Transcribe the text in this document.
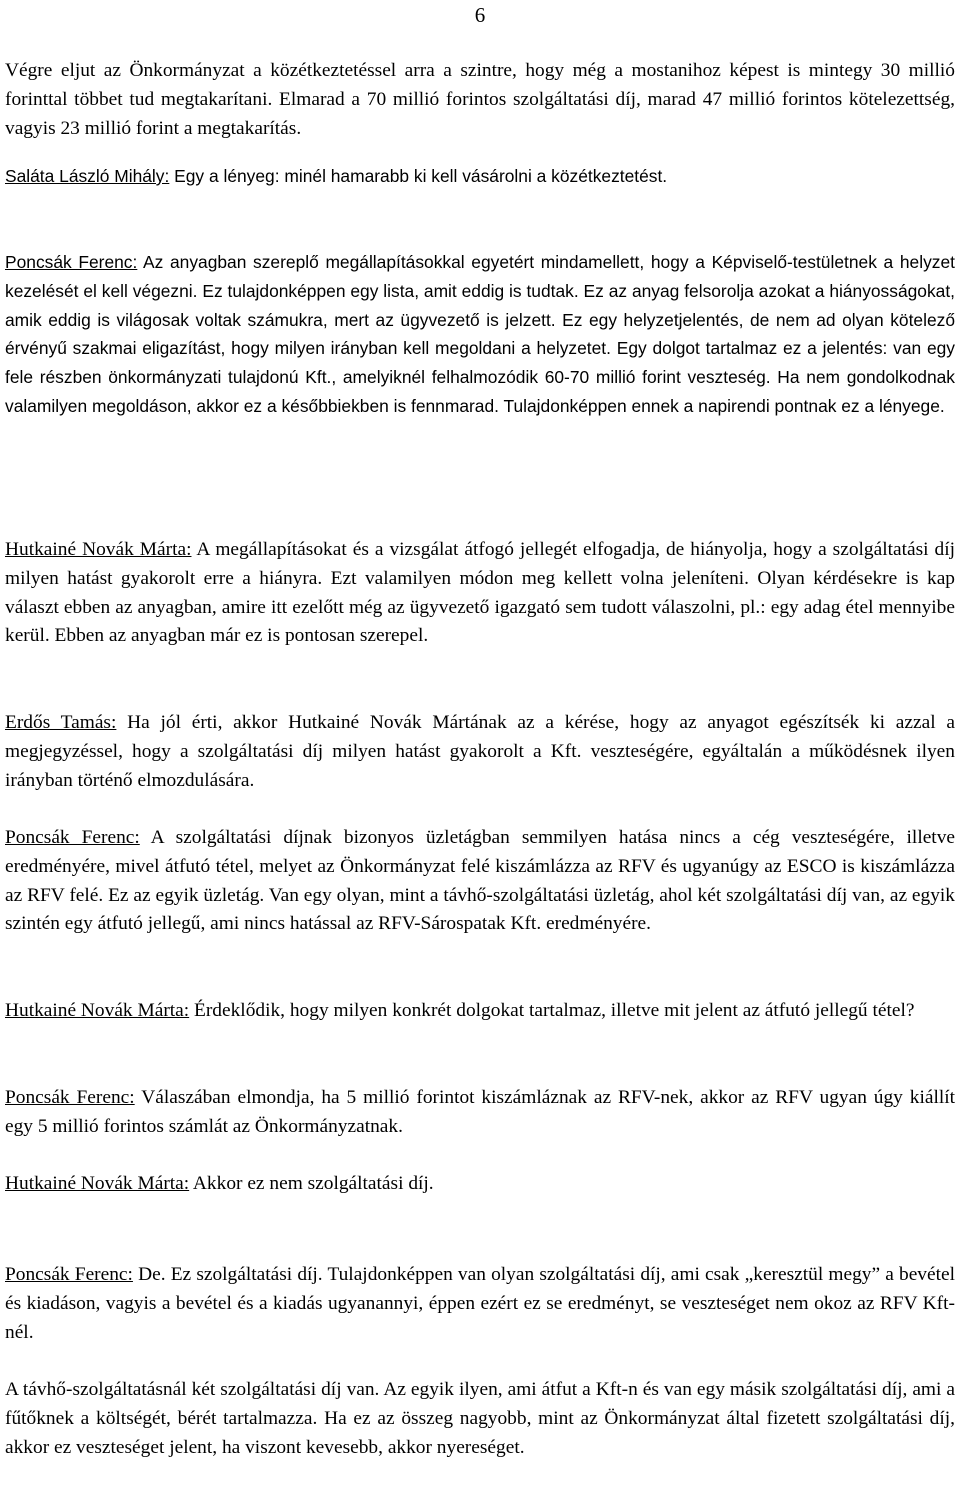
6

Végre eljut az Önkormányzat a közétkeztetéssel arra a szintre, hogy még a mostanihoz képest is mintegy 30 millió forinttal többet tud megtakarítani. Elmarad a 70 millió forintos szolgáltatási díj, marad 47 millió forintos kötelezettség, vagyis 23 millió forint a megtakarítás.

Saláta László Mihály: Egy a lényeg: minél hamarabb ki kell vásárolni a közétkeztetést.

Poncsák Ferenc: Az anyagban szereplő megállapításokkal egyetért mindamellett, hogy a Képviselő-testületnek a helyzet kezelését el kell végezni. Ez tulajdonképpen egy lista, amit eddig is tudtak. Ez az anyag felsorolja azokat a hiányosságokat, amik eddig is világosak voltak számukra, mert az ügyvezető is jelzett. Ez egy helyzetjelentés, de nem ad olyan kötelező érvényű szakmai eligazítást, hogy milyen irányban kell megoldani a helyzetet. Egy dolgot tartalmaz ez a jelentés: van egy fele részben önkormányzati tulajdonú Kft., amelyiknél felhalmozódik 60-70 millió forint veszteség. Ha nem gondolkodnak valamilyen megoldáson, akkor ez a későbbiekben is fennmarad. Tulajdonképpen ennek a napirendi pontnak ez a lényege.

Hutkainé Novák Márta: A megállapításokat és a vizsgálat átfogó jellegét elfogadja, de hiányolja, hogy a szolgáltatási díj milyen hatást gyakorolt erre a hiányra. Ezt valamilyen módon meg kellett volna jeleníteni. Olyan kérdésekre is kap választ ebben az anyagban, amire itt ezelőtt még az ügyvezető igazgató sem tudott válaszolni, pl.: egy adag étel mennyibe kerül. Ebben az anyagban már ez is pontosan szerepel.

Erdős Tamás: Ha jól érti, akkor Hutkainé Novák Mártának az a kérése, hogy az anyagot egészítsék ki azzal a megjegyzéssel, hogy a szolgáltatási díj milyen hatást gyakorolt a Kft. veszteségére, egyáltalán a működésnek ilyen irányban történő elmozdulására.

Poncsák Ferenc: A szolgáltatási díjnak bizonyos üzletágban semmilyen hatása nincs a cég veszteségére, illetve eredményére, mivel átfutó tétel, melyet az Önkormányzat felé kiszámlázza az RFV és ugyanúgy az ESCO is kiszámlázza az RFV felé. Ez az egyik üzletág. Van egy olyan, mint a távhő-szolgáltatási üzletág, ahol két szolgáltatási díj van, az egyik szintén egy átfutó jellegű, ami nincs hatással az RFV-Sárospatak Kft. eredményére.

Hutkainé Novák Márta: Érdeklődik, hogy milyen konkrét dolgokat tartalmaz, illetve mit jelent az átfutó jellegű tétel?

Poncsák Ferenc: Válaszában elmondja, ha 5 millió forintot kiszámláznak az RFV-nek, akkor az RFV ugyan úgy kiállít egy 5 millió forintos számlát az Önkormányzatnak.

Hutkainé Novák Márta: Akkor ez nem szolgáltatási díj.

Poncsák Ferenc: De. Ez szolgáltatási díj. Tulajdonképpen van olyan szolgáltatási díj, ami csak „keresztül megy” a bevétel és kiadáson, vagyis a bevétel és a kiadás ugyanannyi, éppen ezért ez se eredményt, se veszteséget nem okoz az RFV Kft-nél.

A távhő-szolgáltatásnál két szolgáltatási díj van. Az egyik ilyen, ami átfut a Kft-n és van egy másik szolgáltatási díj, ami a fűtőknek a költségét, bérét tartalmazza. Ha ez az összeg nagyobb, mint az Önkormányzat által fizetett szolgáltatási díj, akkor ez veszteséget jelent, ha viszont kevesebb, akkor nyereséget.
